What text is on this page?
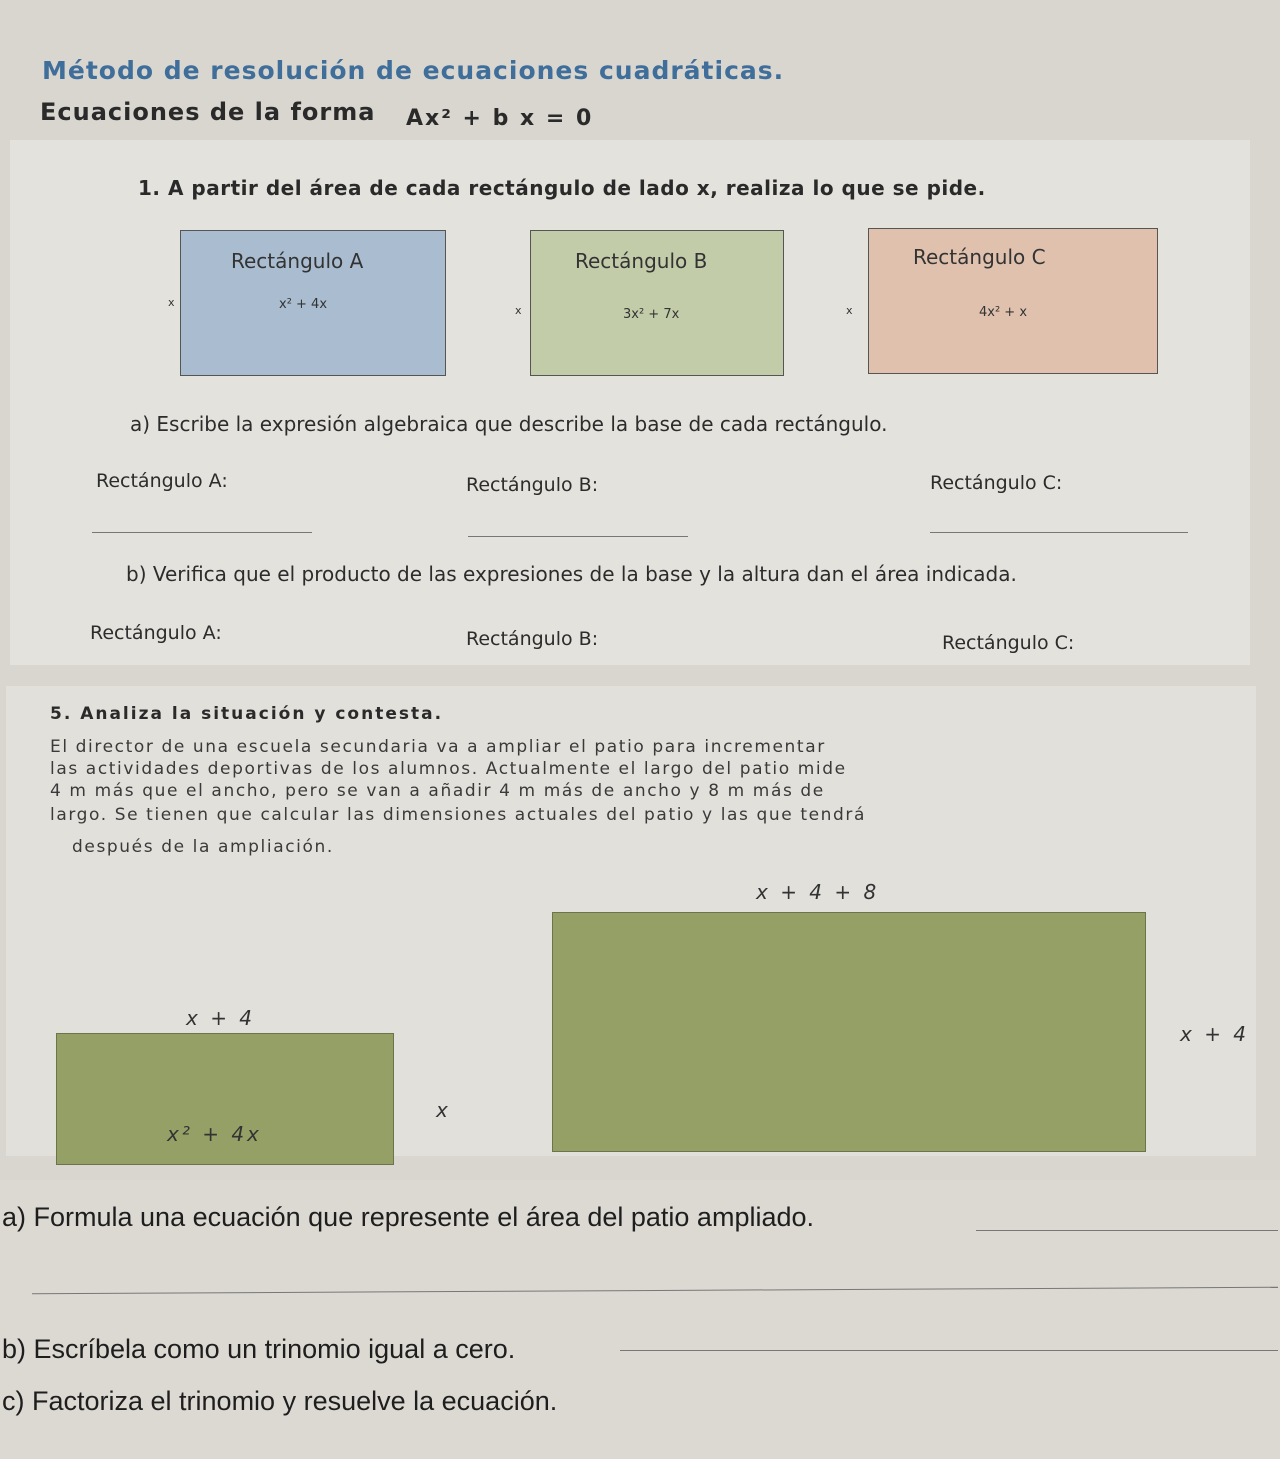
Método de resolución de ecuaciones cuadráticas.
Ecuaciones de la forma Ax² + b x = 0
1. A partir del área de cada rectángulo de lado x, realiza lo que se pide.
Rectángulo A
x² + 4x
x
Rectángulo B
3x² + 7x
x
Rectángulo C
4x² + x
x
a) Escribe la expresión algebraica que describe la base de cada rectángulo.
Rectángulo A:	Rectángulo B:	Rectángulo C:
b) Verifica que el producto de las expresiones de la base y la altura dan el área indicada.
Rectángulo A:	Rectángulo B:	Rectángulo C:
5. Analiza la situación y contesta.
El director de una escuela secundaria va a ampliar el patio para incrementar
las actividades deportivas de los alumnos. Actualmente el largo del patio mide
4 m más que el ancho, pero se van a añadir 4 m más de ancho y 8 m más de
largo. Se tienen que calcular las dimensiones actuales del patio y las que tendrá
después de la ampliación.
x + 4
x² + 4x
x
x + 4 + 8
x + 4
a) Formula una ecuación que represente el área del patio ampliado.
b) Escríbela como un trinomio igual a cero.
c) Factoriza el trinomio y resuelve la ecuación.
